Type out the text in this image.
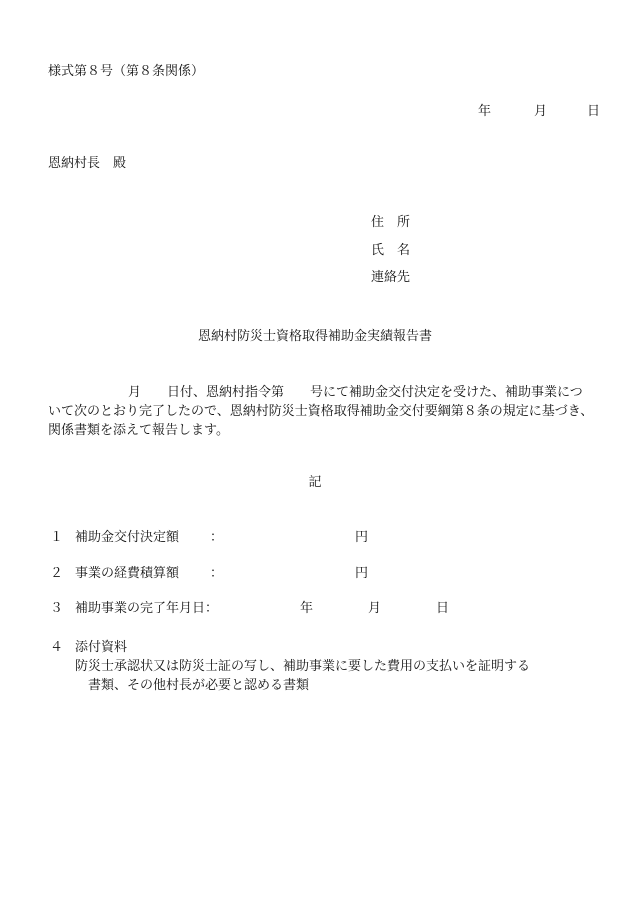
様式第８号（第８条関係）
年	月	日
恩納村長　殿
住　所
氏　名
連絡先
恩納村防災士資格取得補助金実績報告書
月　　日付、恩納村指令第　　号にて補助金交付決定を受けた、補助事業につ
いて次のとおり完了したので、恩納村防災士資格取得補助金交付要綱第８条の規定に基づき、
関係書類を添えて報告します。
記
１ 補助金交付決定額 ：	円
２ 事業の経費積算額 ：	円
３ 補助事業の完了年月日：	年	月	日
４ 添付資料
防災士承認状又は防災士証の写し、補助事業に要した費用の支払いを証明する
書類、その他村長が必要と認める書類
